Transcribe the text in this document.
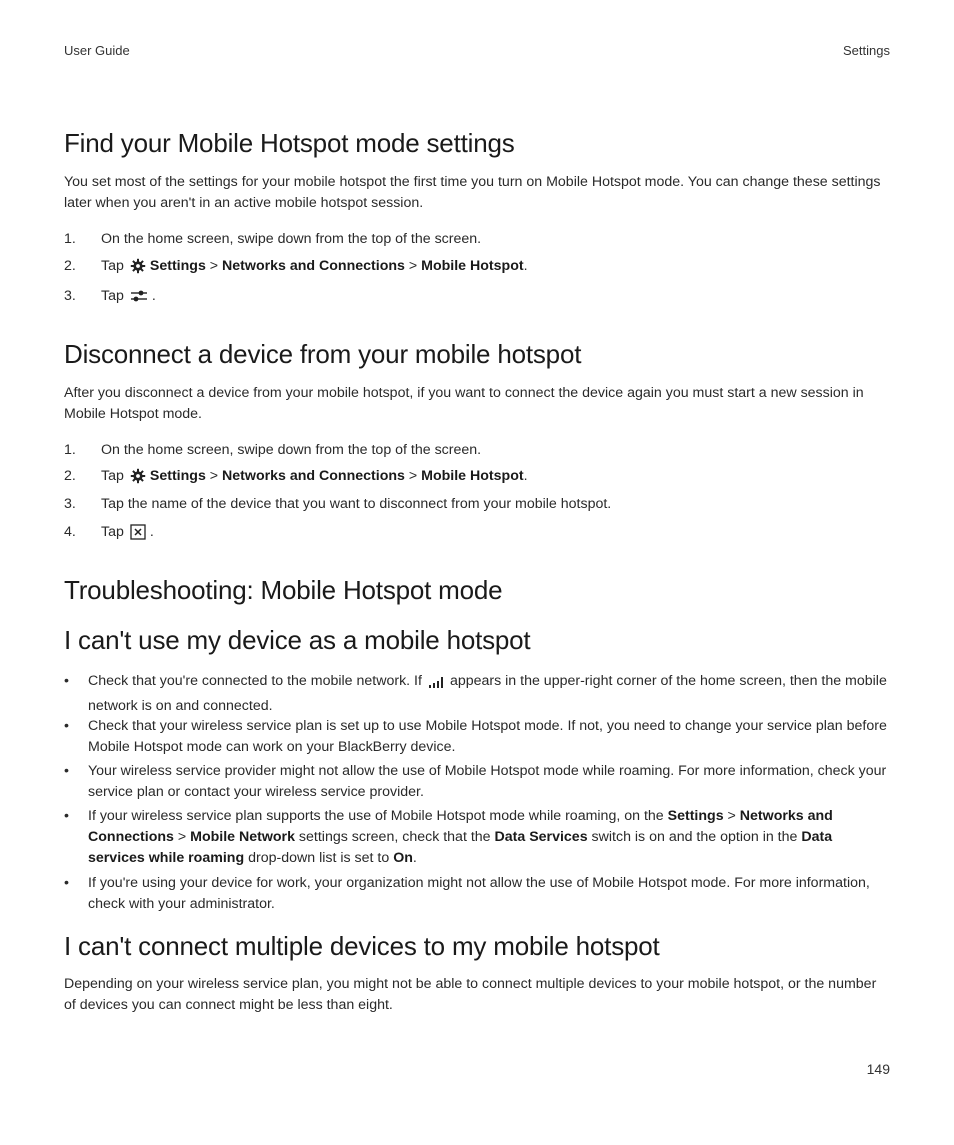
User Guide	Settings
Find your Mobile Hotspot mode settings

You set most of the settings for your mobile hotspot the first time you turn on Mobile Hotspot mode. You can change these settings later when you aren't in an active mobile hotspot session.

1. On the home screen, swipe down from the top of the screen.
2. Tap Settings > Networks and Connections > Mobile Hotspot.
3. Tap .
Disconnect a device from your mobile hotspot

After you disconnect a device from your mobile hotspot, if you want to connect the device again you must start a new session in Mobile Hotspot mode.

1. On the home screen, swipe down from the top of the screen.
2. Tap Settings > Networks and Connections > Mobile Hotspot.
3. Tap the name of the device that you want to disconnect from your mobile hotspot.
4. Tap .
Troubleshooting: Mobile Hotspot mode
I can't use my device as a mobile hotspot
• Check that you're connected to the mobile network. If appears in the upper-right corner of the home screen, then the mobile network is on and connected.
• Check that your wireless service plan is set up to use Mobile Hotspot mode. If not, you need to change your service plan before Mobile Hotspot mode can work on your BlackBerry device.
• Your wireless service provider might not allow the use of Mobile Hotspot mode while roaming. For more information, check your service plan or contact your wireless service provider.
• If your wireless service plan supports the use of Mobile Hotspot mode while roaming, on the Settings > Networks and Connections > Mobile Network settings screen, check that the Data Services switch is on and the option in the Data services while roaming drop-down list is set to On.
• If you're using your device for work, your organization might not allow the use of Mobile Hotspot mode. For more information, check with your administrator.
I can't connect multiple devices to my mobile hotspot

Depending on your wireless service plan, you might not be able to connect multiple devices to your mobile hotspot, or the number of devices you can connect might be less than eight.

149
